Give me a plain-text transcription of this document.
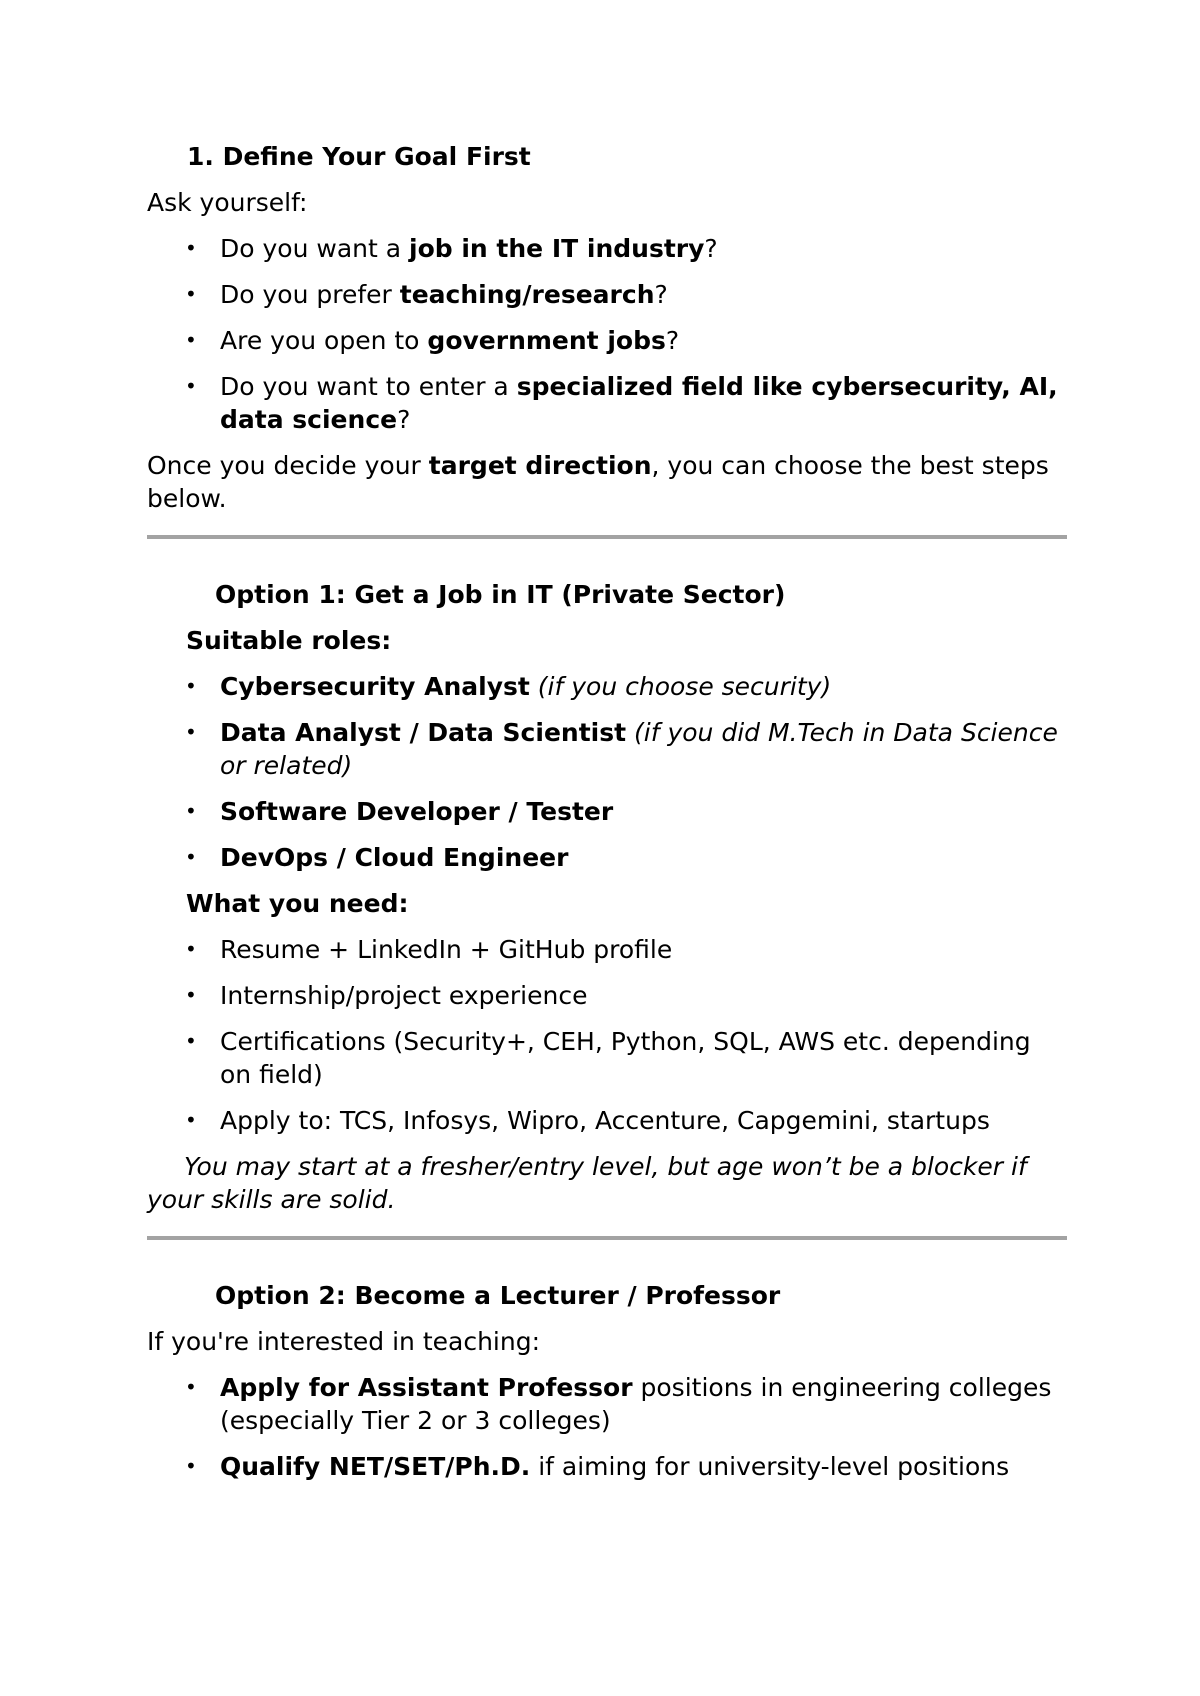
1. Define Your Goal First

Ask yourself:

• Do you want a job in the IT industry?
• Do you prefer teaching/research?
• Are you open to government jobs?
• Do you want to enter a specialized field like cybersecurity, AI, data science?

Once you decide your target direction, you can choose the best steps below.

Option 1: Get a Job in IT (Private Sector)

Suitable roles:

• Cybersecurity Analyst (if you choose security)
• Data Analyst / Data Scientist (if you did M.Tech in Data Science or related)
• Software Developer / Tester
• DevOps / Cloud Engineer

What you need:

• Resume + LinkedIn + GitHub profile
• Internship/project experience
• Certifications (Security+, CEH, Python, SQL, AWS etc. depending on field)
• Apply to: TCS, Infosys, Wipro, Accenture, Capgemini, startups

You may start at a fresher/entry level, but age won’t be a blocker if your skills are solid.

Option 2: Become a Lecturer / Professor

If you're interested in teaching:

• Apply for Assistant Professor positions in engineering colleges (especially Tier 2 or 3 colleges)
• Qualify NET/SET/Ph.D. if aiming for university-level positions
